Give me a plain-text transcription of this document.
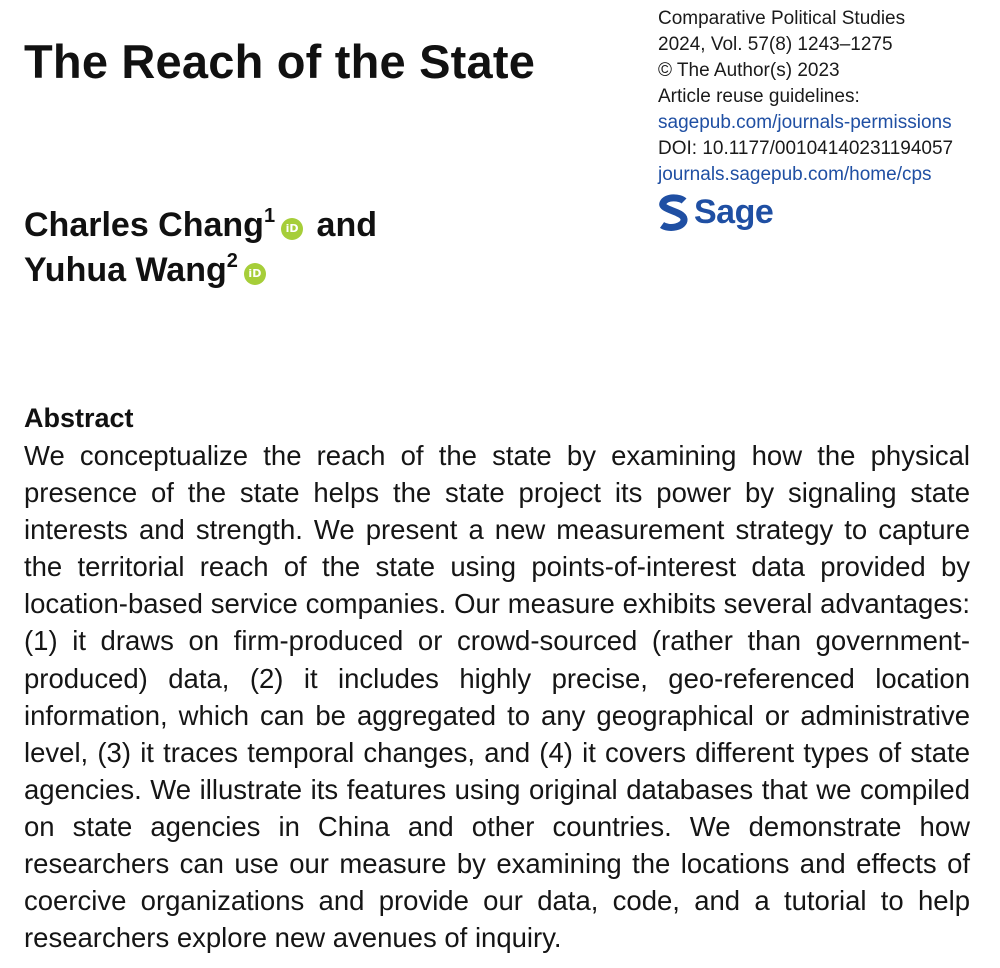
The Reach of the State
Comparative Political Studies
2024, Vol. 57(8) 1243–1275
© The Author(s) 2023
Article reuse guidelines:
sagepub.com/journals-permissions
DOI: 10.1177/00104140231194057
journals.sagepub.com/home/cps
Sage
Charles Chang$^1$iD and
Yuhua Wang$^2$iD
Abstract

We conceptualize the reach of the state by examining how the physical presence of the state helps the state project its power by signaling state interests and strength. We present a new measurement strategy to capture the territorial reach of the state using points-of-interest data provided by location-based service companies. Our measure exhibits several advantages: (1) it draws on firm-produced or crowd-sourced (rather than government-produced) data, (2) it includes highly precise, geo-referenced location information, which can be aggregated to any geographical or administrative level, (3) it traces temporal changes, and (4) it covers different types of state agencies. We illustrate its features using original databases that we compiled on state agencies in China and other countries. We demonstrate how researchers can use our measure by examining the locations and effects of coercive organizations and provide our data, code, and a tutorial to help researchers explore new avenues of inquiry.
